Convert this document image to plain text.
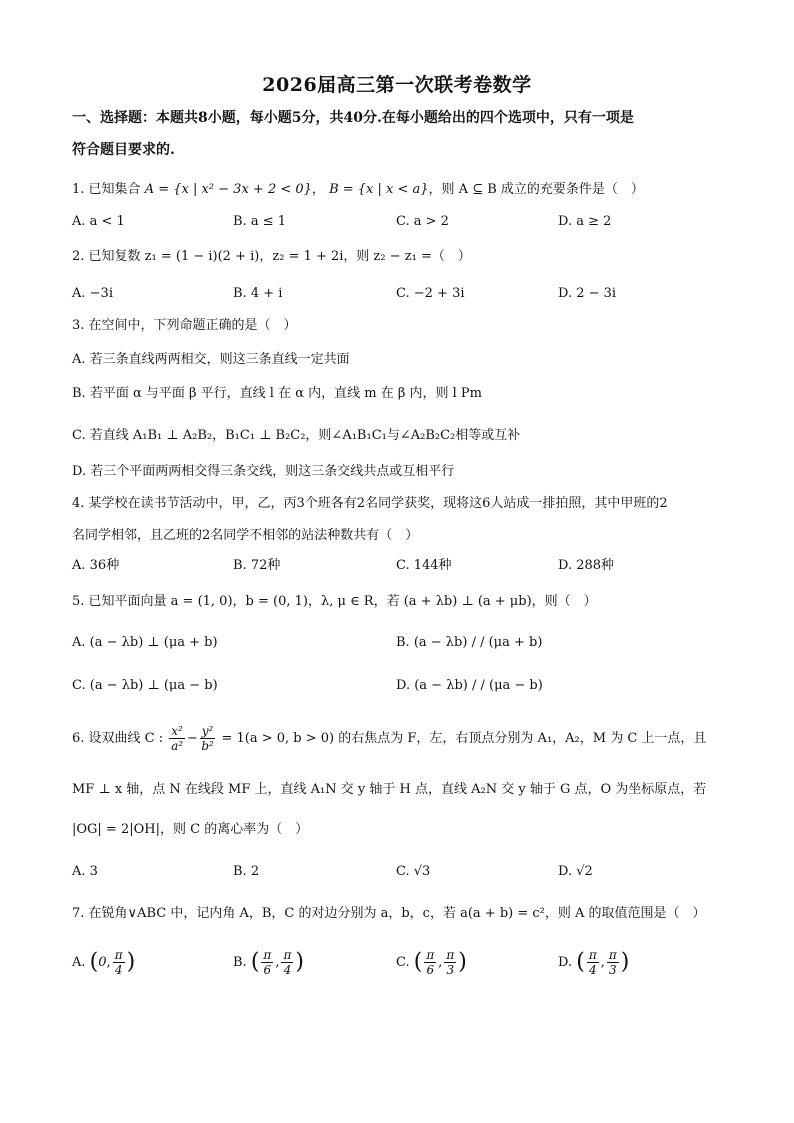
2026届高三第一次联考卷数学
一、选择题：本题共8小题，每小题5分，共40分.在每小题给出的四个选项中，只有一项是
符合题目要求的.
1. 已知集合 A = {x | x² − 3x + 2 < 0}， B = {x | x < a}，则 A ⊆ B 成立的充要条件是（　）
A. a < 1	B. a ≤ 1	C. a > 2	D. a ≥ 2
2. 已知复数 z₁ = (1 − i)(2 + i)，z₂ = 1 + 2i，则 z₂ − z₁ =（　）
A. −3i	B. 4 + i	C. −2 + 3i	D. 2 − 3i
3. 在空间中，下列命题正确的是（　）
A. 若三条直线两两相交，则这三条直线一定共面
B. 若平面 α 与平面 β 平行，直线 l 在 α 内，直线 m 在 β 内，则 l Pm
C. 若直线 A₁B₁ ⊥ A₂B₂，B₁C₁ ⊥ B₂C₂，则∠A₁B₁C₁与∠A₂B₂C₂相等或互补
D. 若三个平面两两相交得三条交线，则这三条交线共点或互相平行
4. 某学校在读书节活动中，甲，乙，丙3个班各有2名同学获奖，现将这6人站成一排拍照，其中甲班的2
名同学相邻，且乙班的2名同学不相邻的站法种数共有（　）
A. 36种	B. 72种	C. 144种	D. 288种
5. 已知平面向量 a = (1, 0)，b = (0, 1)，λ, μ ∈ R，若 (a + λb) ⊥ (a + μb)，则（　）
A. (a − λb) ⊥ (μa + b)	B. (a − λb) / / (μa + b)
C. (a − λb) ⊥ (μa − b)	D. (a − λb) / / (μa − b)
6. 设双曲线 C : $\frac{\text{x²}}{\text{a²}} - \frac{\text{y²}}{\text{b²}} = 1(a > 0$, b > 0) 的右焦点为 F，左，右顶点分别为 A₁，A₂，M 为 C 上一点，且
MF ⊥ x 轴，点 N 在线段 MF 上，直线 A₁N 交 y 轴于 H 点，直线 A₂N 交 y 轴于 G 点，O 为坐标原点，若
|OG| = 2|OH|，则 C 的离心率为（　）
A. 3	B. 2	C. √3	D. √2
7. 在锐角∨ABC 中，记内角 A，B，C 的对边分别为 a，b，c，若 a(a + b) = c²，则 A 的取值范围是（　）
A. (0, $\frac{\pi}{4}$ )	B. ( $\frac{\pi}{6}$ , $\frac{\pi}{4}$ )	C. ( $\frac{\pi}{6}$ , $\frac{\pi}{3}$ )	D. ( $\frac{\pi}{4}$ , $\frac{\pi}{3}$ )
